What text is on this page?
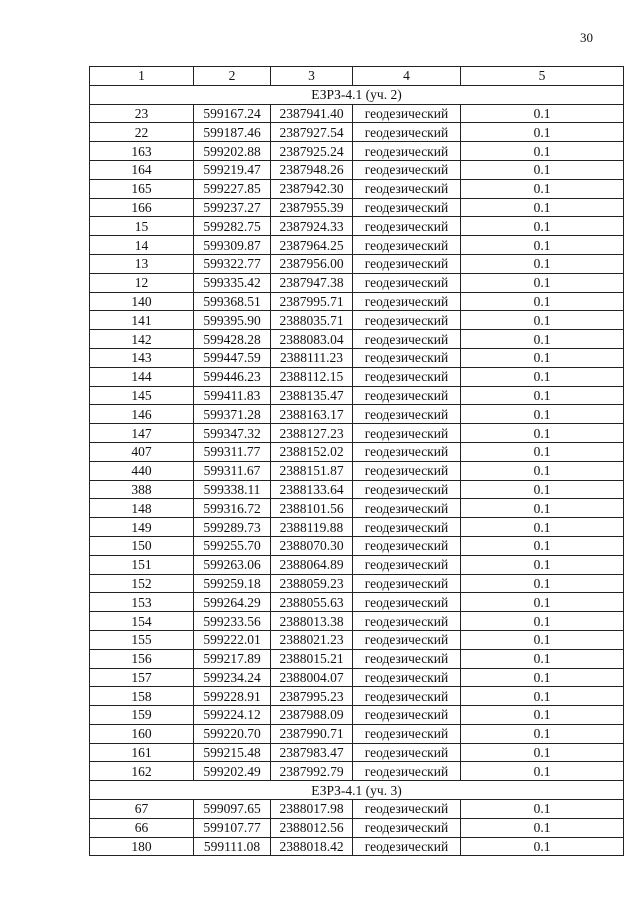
30
1	2	3	4	5
ЕЗРЗ-4.1 (уч. 2)				
23	599167.24	2387941.40	геодезический	0.1
22	599187.46	2387927.54	геодезический	0.1
163	599202.88	2387925.24	геодезический	0.1
164	599219.47	2387948.26	геодезический	0.1
165	599227.85	2387942.30	геодезический	0.1
166	599237.27	2387955.39	геодезический	0.1
15	599282.75	2387924.33	геодезический	0.1
14	599309.87	2387964.25	геодезический	0.1
13	599322.77	2387956.00	геодезический	0.1
12	599335.42	2387947.38	геодезический	0.1
140	599368.51	2387995.71	геодезический	0.1
141	599395.90	2388035.71	геодезический	0.1
142	599428.28	2388083.04	геодезический	0.1
143	599447.59	2388111.23	геодезический	0.1
144	599446.23	2388112.15	геодезический	0.1
145	599411.83	2388135.47	геодезический	0.1
146	599371.28	2388163.17	геодезический	0.1
147	599347.32	2388127.23	геодезический	0.1
407	599311.77	2388152.02	геодезический	0.1
440	599311.67	2388151.87	геодезический	0.1
388	599338.11	2388133.64	геодезический	0.1
148	599316.72	2388101.56	геодезический	0.1
149	599289.73	2388119.88	геодезический	0.1
150	599255.70	2388070.30	геодезический	0.1
151	599263.06	2388064.89	геодезический	0.1
152	599259.18	2388059.23	геодезический	0.1
153	599264.29	2388055.63	геодезический	0.1
154	599233.56	2388013.38	геодезический	0.1
155	599222.01	2388021.23	геодезический	0.1
156	599217.89	2388015.21	геодезический	0.1
157	599234.24	2388004.07	геодезический	0.1
158	599228.91	2387995.23	геодезический	0.1
159	599224.12	2387988.09	геодезический	0.1
160	599220.70	2387990.71	геодезический	0.1
161	599215.48	2387983.47	геодезический	0.1
162	599202.49	2387992.79	геодезический	0.1
ЕЗРЗ-4.1 (уч. 3)				
67	599097.65	2388017.98	геодезический	0.1
66	599107.77	2388012.56	геодезический	0.1
180	599111.08	2388018.42	геодезический	0.1
